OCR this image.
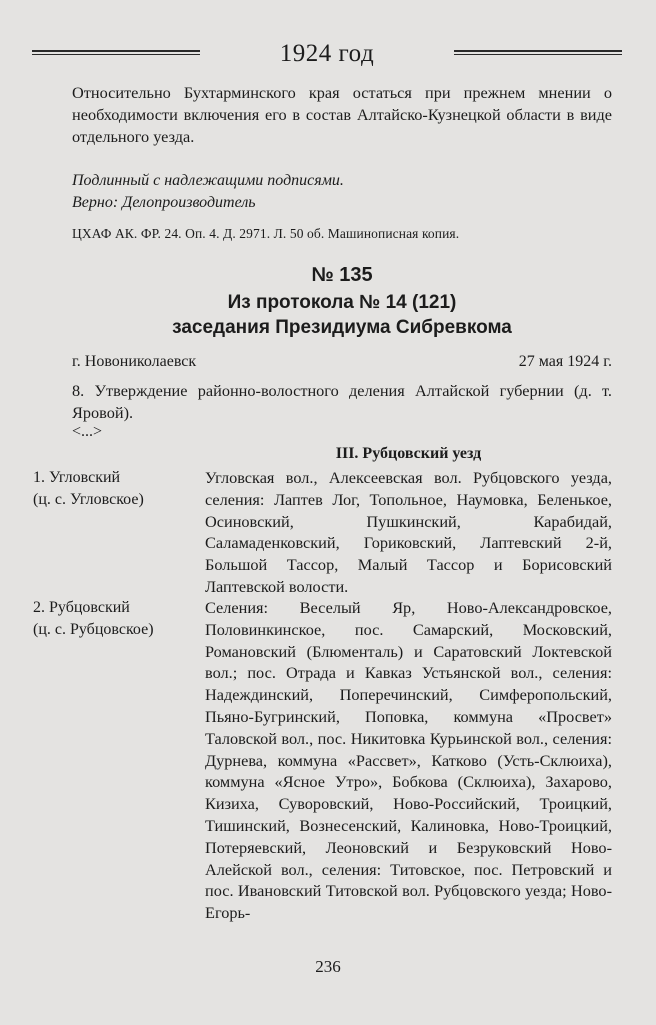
1924 год
Относительно Бухтарминского края остаться при прежнем мнении о необходимости включения его в состав Алтайско-Кузнецкой области в виде отдельного уезда.
Подлинный с надлежащими подписями.
Верно: Делопроизводитель
ЦХАФ АК. ФР. 24. Оп. 4. Д. 2971. Л. 50 об. Машинописная копия.
№ 135
Из протокола № 14 (121)
заседания Президиума Сибревкома
г. Новониколаевск	27 мая 1924 г.
8. Утверждение районно-волостного деления Алтайской губернии (д. т. Яровой).
<...>
III. Рубцовский уезд
1. Угловский
(ц. с. Угловское)
Угловская вол., Алексеевская вол. Рубцовского уезда, селения: Лаптев Лог, Топольное, Наумовка, Беленькое, Осиновский, Пушкинский, Карабидай, Саламаденковский, Гориковский, Лаптевский 2-й, Большой Тассор, Малый Тассор и Борисовский Лаптевской волости.
2. Рубцовский
(ц. с. Рубцовское)
Селения: Веселый Яр, Ново-Александровское, Половинкинское, пос. Самарский, Московский, Романовский (Блюменталь) и Саратовский Локтевской вол.; пос. Отрада и Кавказ Устьянской вол., селения: Надеждинский, Поперечинский, Симферопольский, Пьяно-Бугринский, Поповка, коммуна «Просвет» Таловской вол., пос. Никитовка Курьинской вол., селения: Дурнева, коммуна «Рассвет», Катково (Усть-Склюиха), коммуна «Ясное Утро», Бобкова (Склюиха), Захарово, Кизиха, Суворовский, Ново-Российский, Троицкий, Тишинский, Вознесенский, Калиновка, Ново-Троицкий, Потеряевский, Леоновский и Безруковский Ново-Алейской вол., селения: Титовское, пос. Петровский и пос. Ивановский Титовской вол. Рубцовского уезда; Ново-Егорь-
236
